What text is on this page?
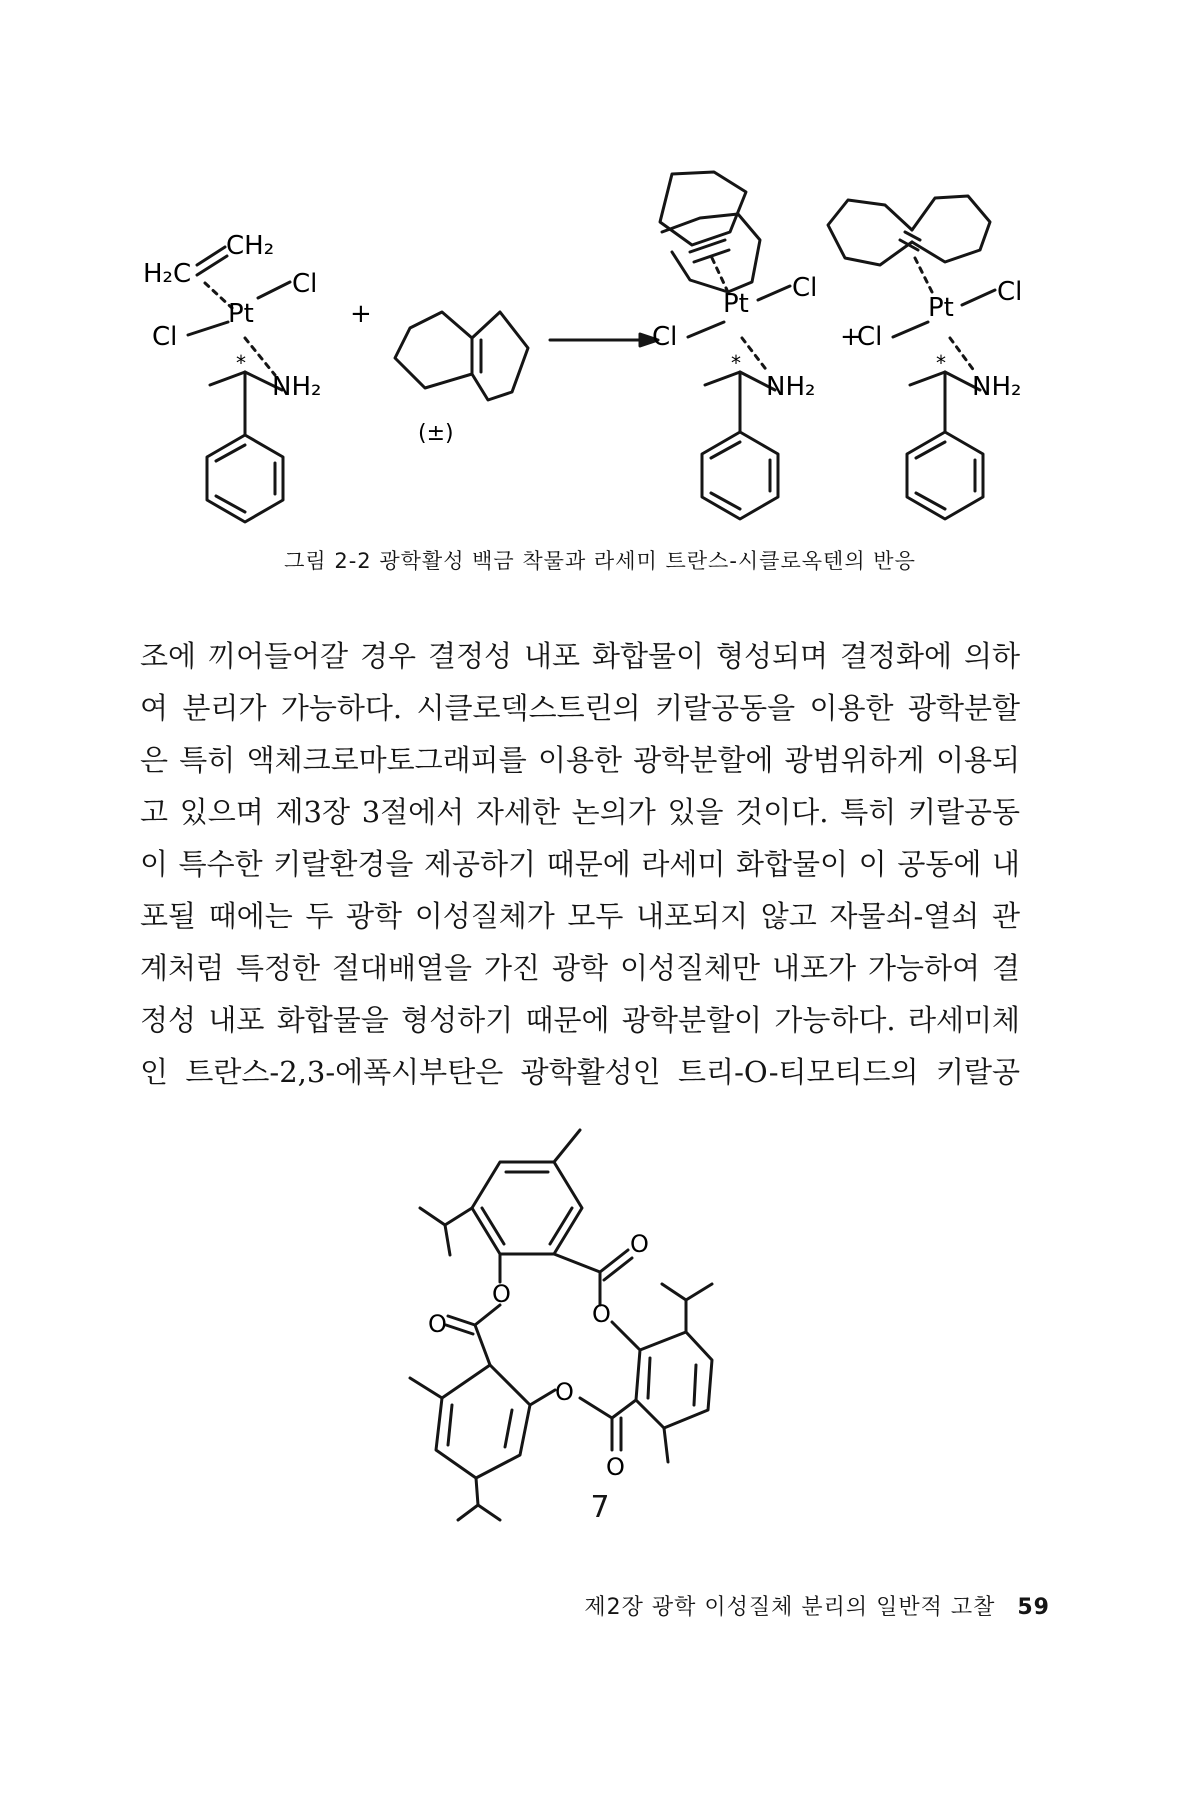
H₂C
CH₂
Pt
Cl
Cl
NH₂
*
+
(±)
Pt
Cl
Cl
NH₂
*
+
Pt
Cl
Cl
NH₂
*
그림 2-2 광학활성 백금 착물과 라세미 트란스-시클로옥텐의 반응
조에 끼어들어갈 경우 결정성 내포 화합물이 형성되며 결정화에 의하
여 분리가 가능하다. 시클로덱스트린의 키랄공동을 이용한 광학분할
은 특히 액체크로마토그래피를 이용한 광학분할에 광범위하게 이용되
고 있으며 제3장 3절에서 자세한 논의가 있을 것이다. 특히 키랄공동
이 특수한 키랄환경을 제공하기 때문에 라세미 화합물이 이 공동에 내
포될 때에는 두 광학 이성질체가 모두 내포되지 않고 자물쇠-열쇠 관
계처럼 특정한 절대배열을 가진 광학 이성질체만 내포가 가능하여 결
정성 내포 화합물을 형성하기 때문에 광학분할이 가능하다. 라세미체
인 트란스-2,3-에폭시부탄은 광학활성인 트리-O-티모티드의 키랄공
O
O
O
O
O
O
7
제2장 광학 이성질체 분리의 일반적 고찰 59
